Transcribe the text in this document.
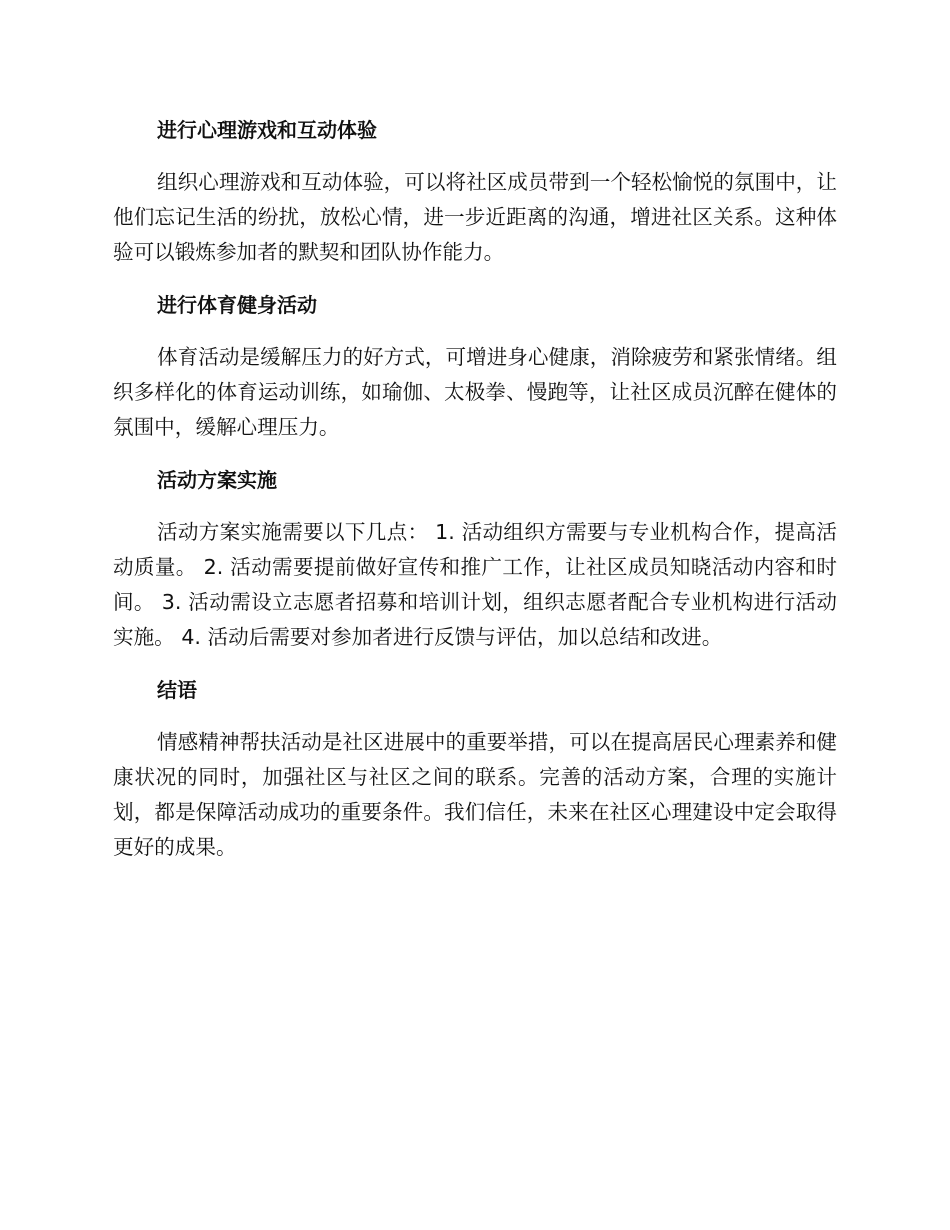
进行心理游戏和互动体验

组织心理游戏和互动体验，可以将社区成员带到一个轻松愉悦的氛围中，让他们忘记生活的纷扰，放松心情，进一步近距离的沟通，增进社区关系。这种体验可以锻炼参加者的默契和团队协作能力。

进行体育健身活动

体育活动是缓解压力的好方式，可增进身心健康，消除疲劳和紧张情绪。组织多样化的体育运动训练，如瑜伽、太极拳、慢跑等，让社区成员沉醉在健体的氛围中，缓解心理压力。

活动方案实施

活动方案实施需要以下几点： 1. 活动组织方需要与专业机构合作，提高活动质量。 2. 活动需要提前做好宣传和推广工作，让社区成员知晓活动内容和时间。 3. 活动需设立志愿者招募和培训计划，组织志愿者配合专业机构进行活动实施。 4. 活动后需要对参加者进行反馈与评估，加以总结和改进。

结语

情感精神帮扶活动是社区进展中的重要举措，可以在提高居民心理素养和健康状况的同时，加强社区与社区之间的联系。完善的活动方案，合理的实施计划，都是保障活动成功的重要条件。我们信任，未来在社区心理建设中定会取得更好的成果。
